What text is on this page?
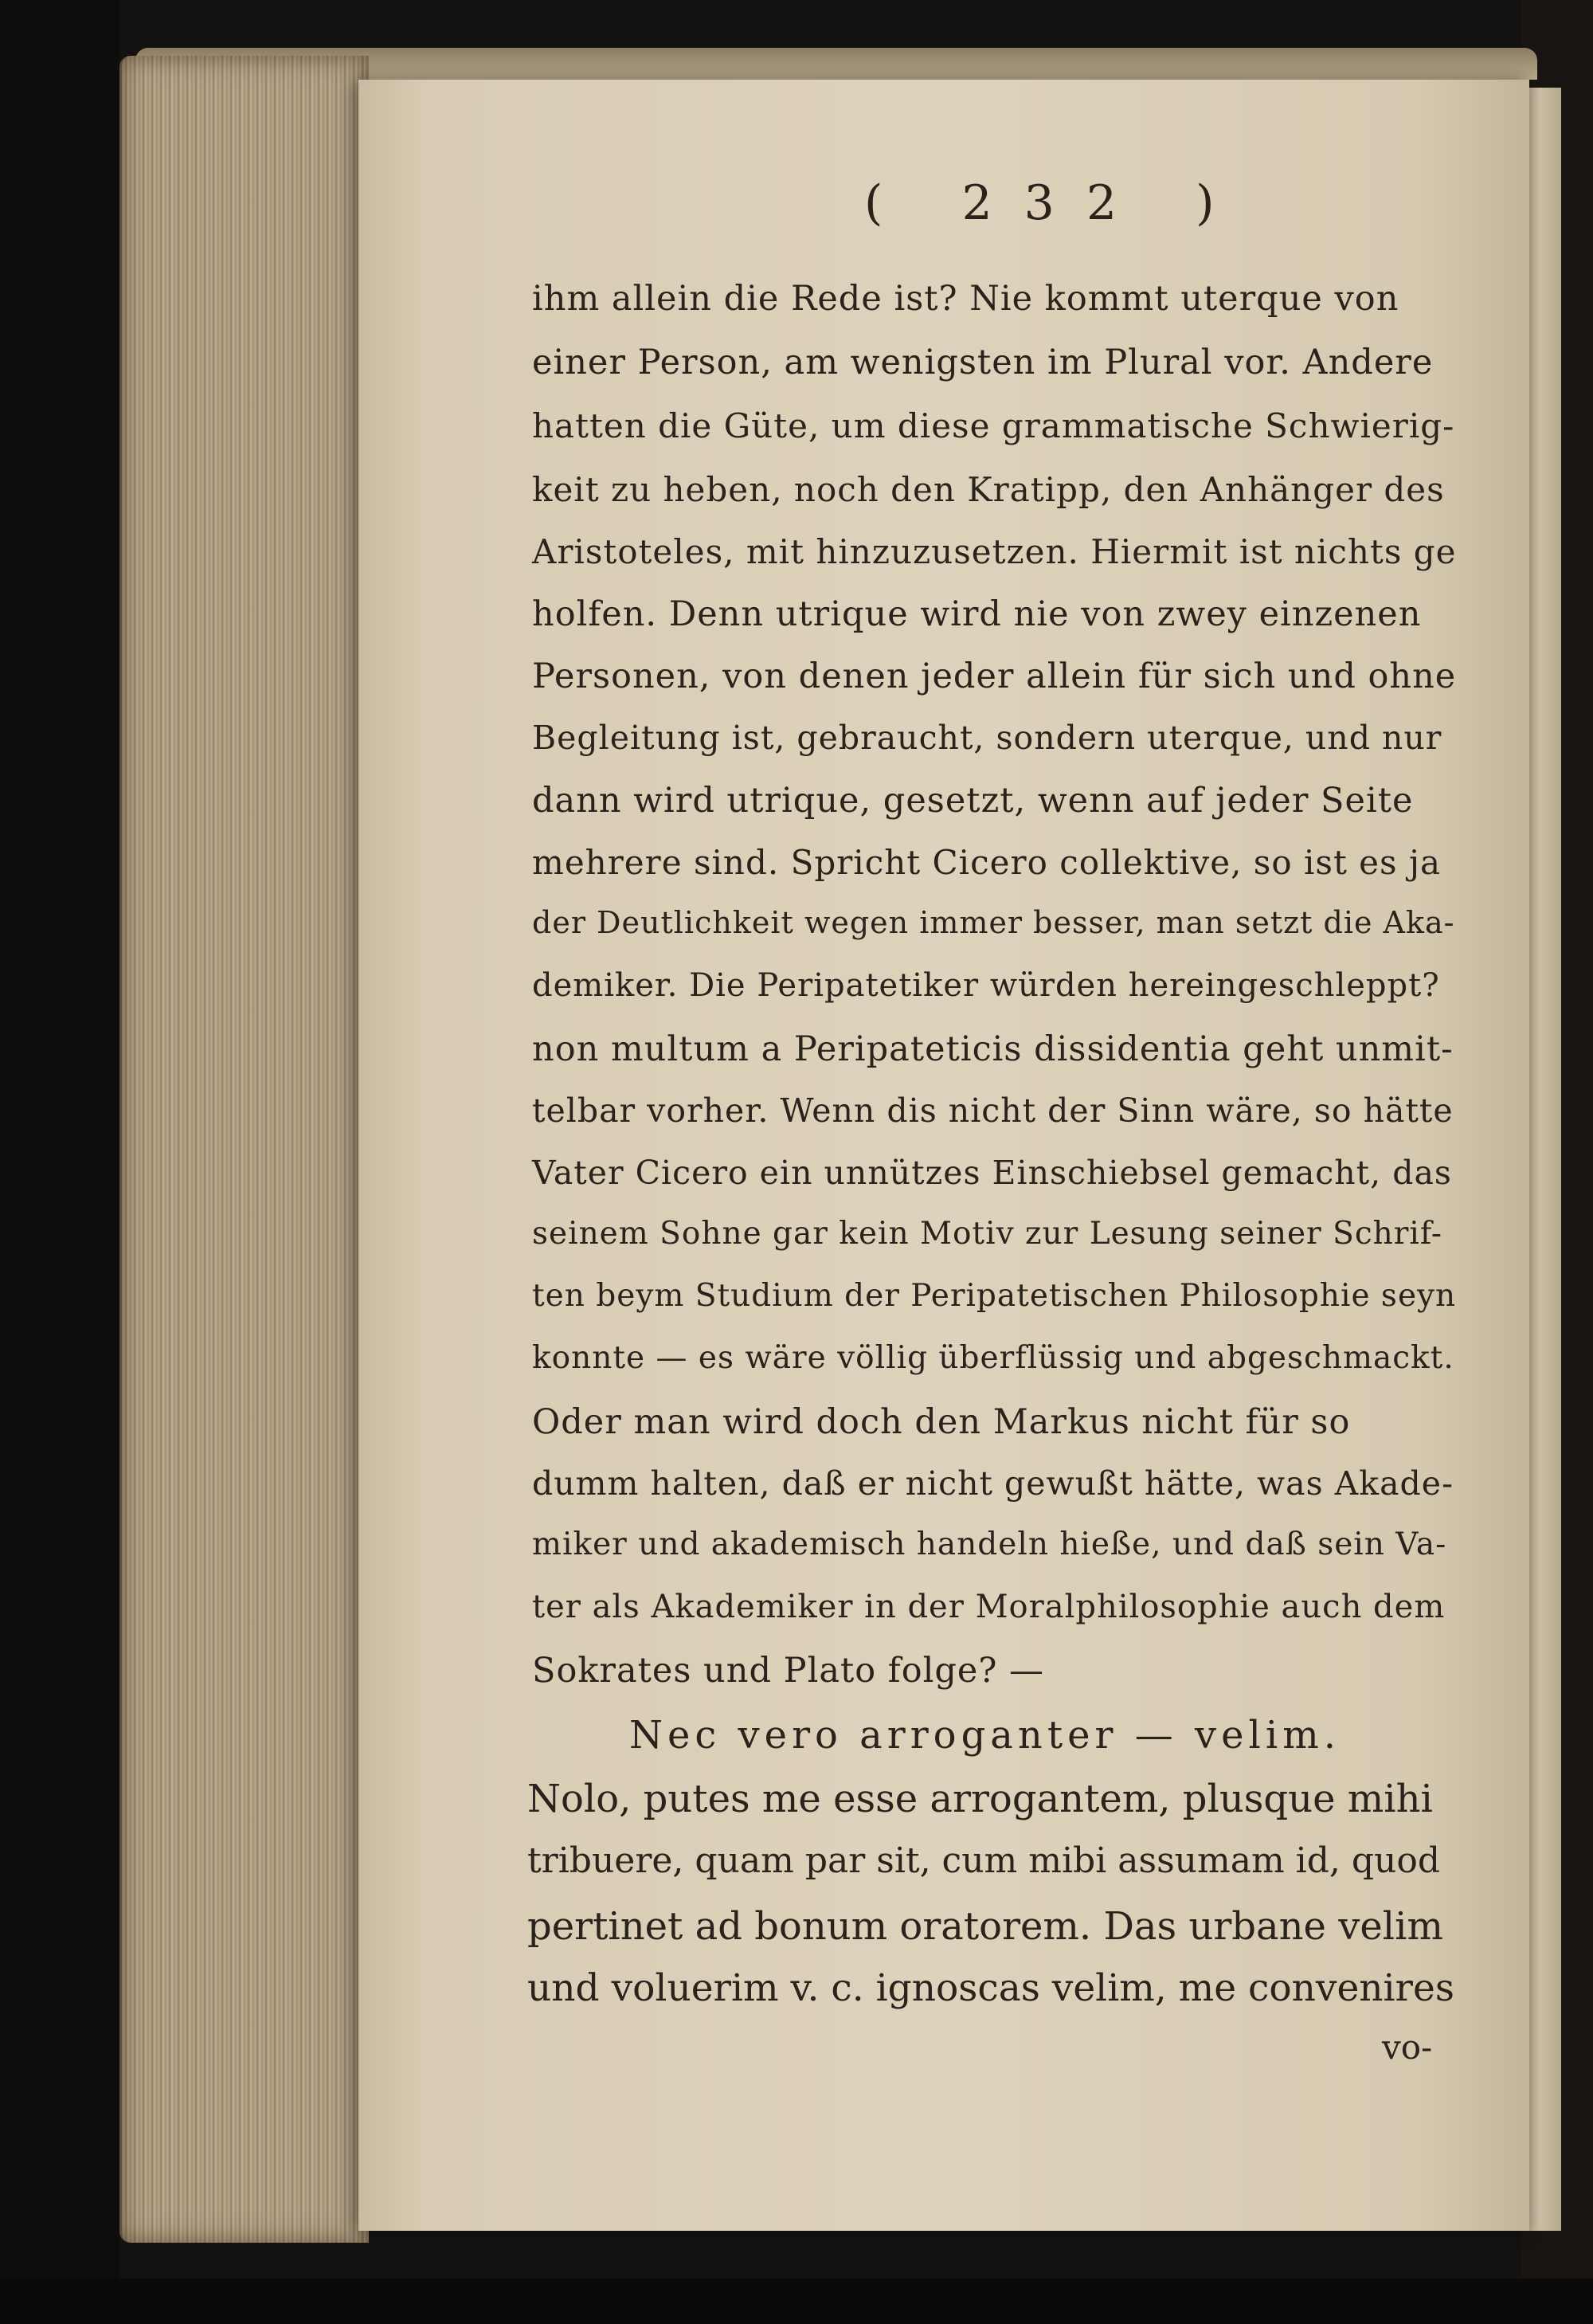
( 232 )
ihm allein die Rede ist? Nie kommt uterque von
einer Person, am wenigsten im Plural vor. Andere
hatten die Güte, um diese grammatische Schwierig-
keit zu heben, noch den Kratipp, den Anhänger des
Aristoteles, mit hinzuzusetzen. Hiermit ist nichts ge
holfen. Denn utrique wird nie von zwey einzenen
Personen, von denen jeder allein für sich und ohne
Begleitung ist, gebraucht, sondern uterque, und nur
dann wird utrique, gesetzt, wenn auf jeder Seite
mehrere sind. Spricht Cicero collektive, so ist es ja
der Deutlichkeit wegen immer besser, man setzt die Aka-
demiker. Die Peripatetiker würden hereingeschleppt?
non multum a Peripateticis dissidentia geht unmit-
telbar vorher. Wenn dis nicht der Sinn wäre, so hätte
Vater Cicero ein unnützes Einschiebsel gemacht, das
seinem Sohne gar kein Motiv zur Lesung seiner Schrif-
ten beym Studium der Peripatetischen Philosophie seyn
konnte — es wäre völlig überflüssig und abgeschmackt.
Oder man wird doch den Markus nicht für so
dumm halten, daß er nicht gewußt hätte, was Akade-
miker und akademisch handeln hieße, und daß sein Va-
ter als Akademiker in der Moralphilosophie auch dem
Sokrates und Plato folge? —
Nec vero arroganter — velim.
Nolo, putes me esse arrogantem, plusque mihi
tribuere, quam par sit, cum mibi assumam id, quod
pertinet ad bonum oratorem. Das urbane velim
und voluerim v. c. ignoscas velim, me convenires
vo-
